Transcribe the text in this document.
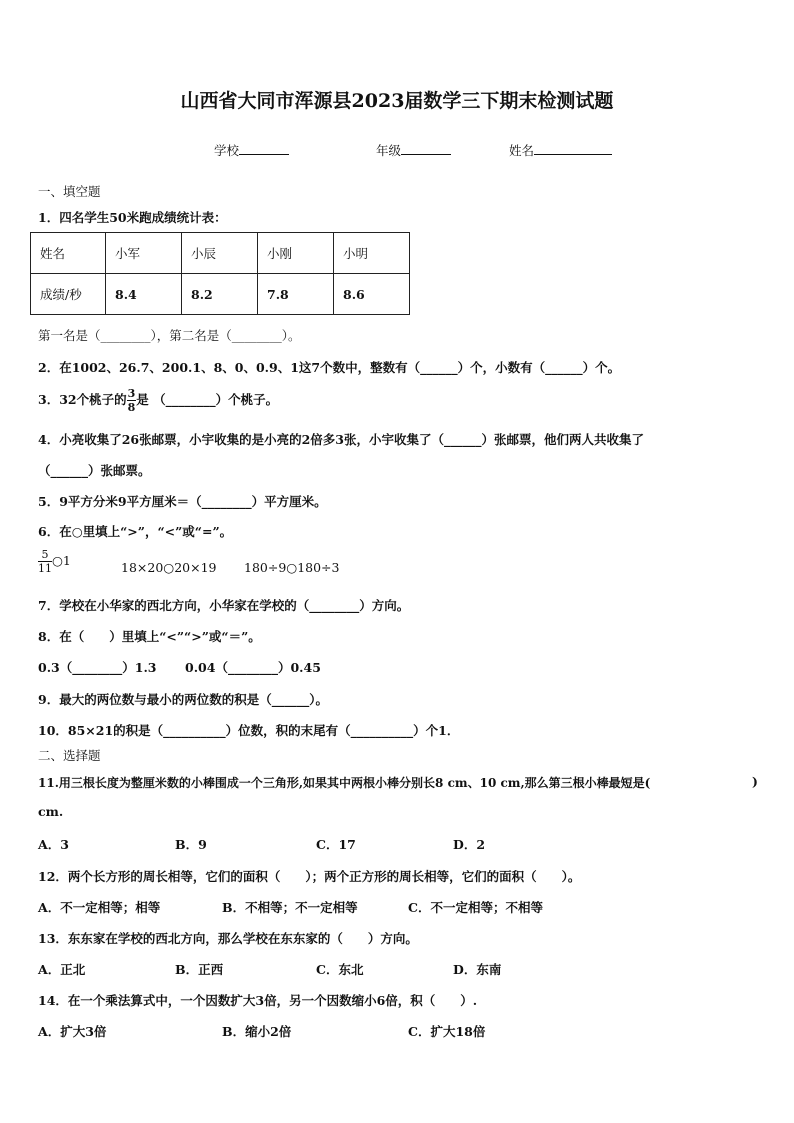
山西省大同市浑源县2023届数学三下期末检测试题
学校	年级	姓名
一、填空题
1．四名学生50米跑成绩统计表：
姓名	小军	小辰	小刚	小明
成绩/秒	8.4	8.2	7.8	8.6
第一名是（________），第二名是（________）。
2．在1002、26.7、200.1、8、0、0.9、1这7个数中，整数有（______）个，小数有（______）个。
3．32个桃子的 $\frac{3}{8}$ 是 （________）个桃子。
4．小亮收集了26张邮票，小宇收集的是小亮的2倍多3张，小宇收集了（______）张邮票，他们两人共收集了
（______）张邮票。
5．9平方分米9平方厘米＝（________）平方厘米。
6．在○里填上“>”，“<”或“=”。
$\frac{5}{11}$ ○1	18×20○20×19 180÷9○180÷3
7．学校在小华家的西北方向，小华家在学校的（________）方向。
8．在（　　）里填上“<”“>”或“＝”。
0.3（________）1.3 0.04（________）0.45
9．最大的两位数与最小的两位数的积是（______）。
10．85×21的积是（__________）位数，积的末尾有（__________）个1．
二、选择题
11.用三根长度为整厘米数的小棒围成一个三角形,如果其中两根小棒分别长8 cm、10 cm,那么第三根小棒最短是(	)
cm.
A．3	B．9	C．17	D．2
12．两个长方形的周长相等，它们的面积（　　）；两个正方形的周长相等，它们的面积（　　）。
A．不一定相等；相等	B．不相等；不一定相等	C．不一定相等；不相等
13．东东家在学校的西北方向，那么学校在东东家的（　　）方向。
A．正北	B．正西	C．东北	D．东南
14．在一个乘法算式中，一个因数扩大3倍，另一个因数缩小6倍，积（　　）.
A．扩大3倍	B．缩小2倍	C．扩大18倍
